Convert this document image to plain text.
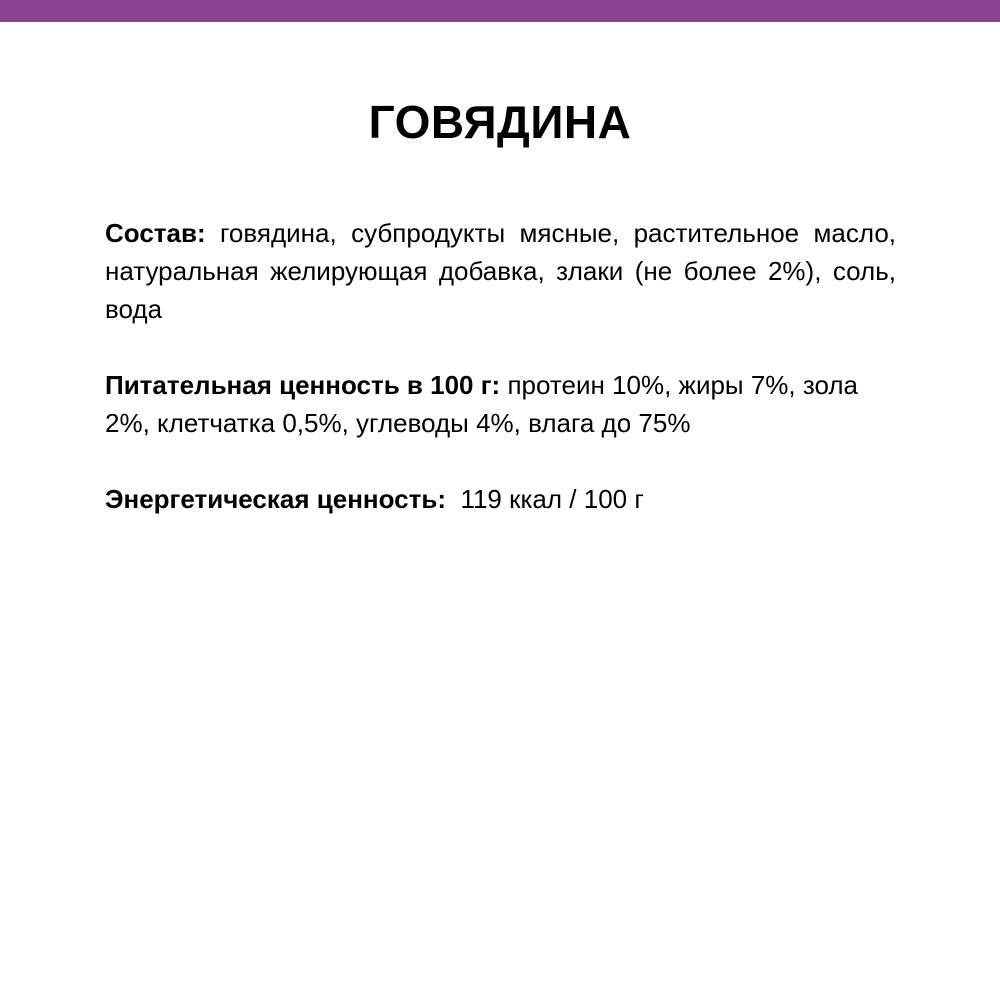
ГОВЯДИНА

Состав: говядина, субпродукты мясные, растительное масло, натуральная желирующая добавка, злаки (не более 2%), соль, вода

Питательная ценность в 100 г: протеин 10%, жиры 7%, зола 2%, клетчатка 0,5%, углеводы 4%, влага до 75%

Энергетическая ценность: 119 ккал / 100 г
